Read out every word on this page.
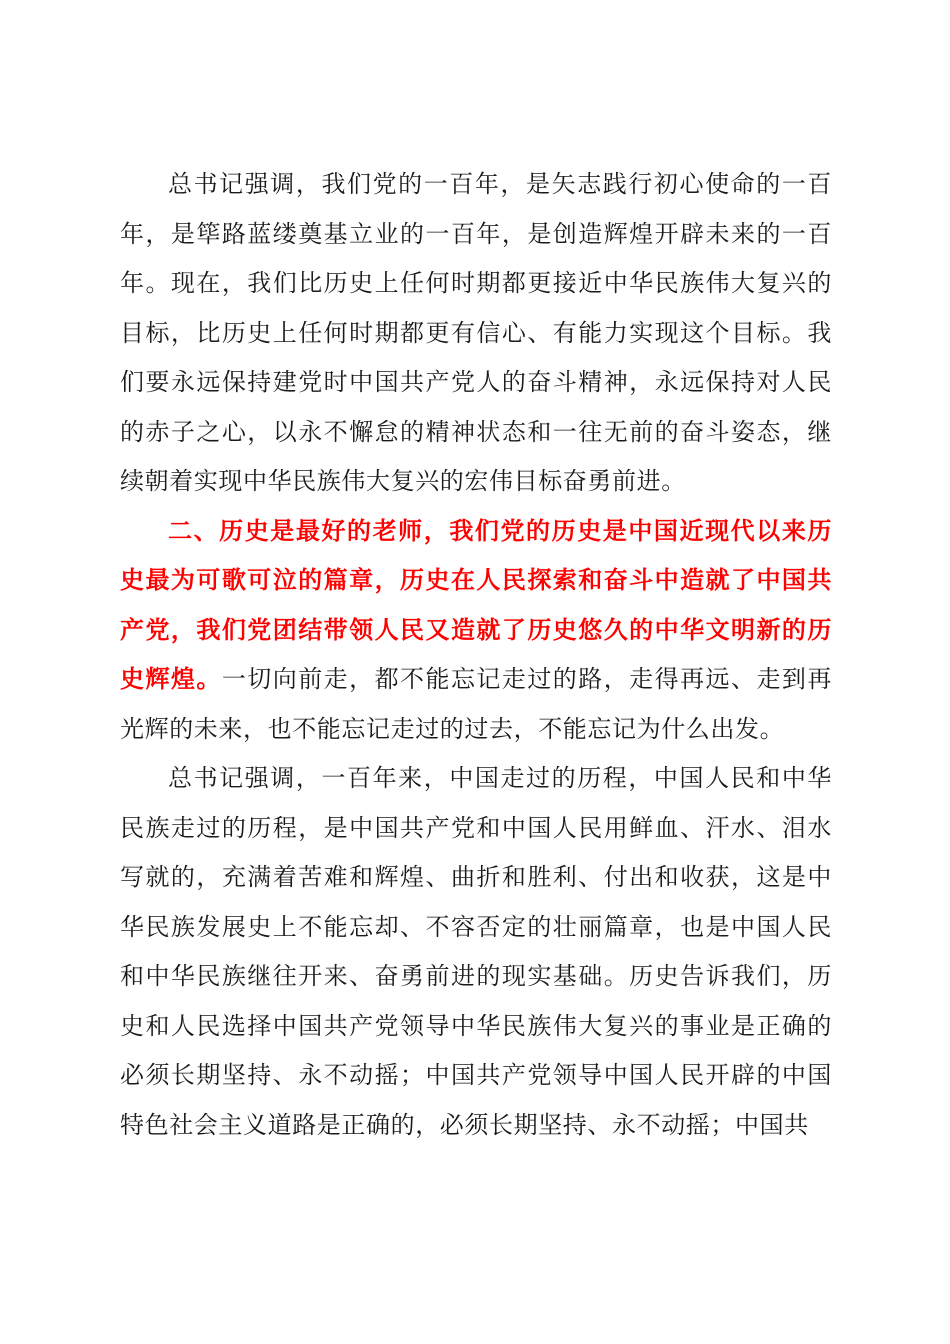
总书记强调，我们党的一百年，是矢志践行初心使命的一百年，是筚路蓝缕奠基立业的一百年，是创造辉煌开辟未来的一百年。现在，我们比历史上任何时期都更接近中华民族伟大复兴的目标，比历史上任何时期都更有信心、有能力实现这个目标。我们要永远保持建党时中国共产党人的奋斗精神，永远保持对人民的赤子之心，以永不懈怠的精神状态和一往无前的奋斗姿态，继续朝着实现中华民族伟大复兴的宏伟目标奋勇前进。

二、历史是最好的老师，我们党的历史是中国近现代以来历史最为可歌可泣的篇章，历史在人民探索和奋斗中造就了中国共产党，我们党团结带领人民又造就了历史悠久的中华文明新的历史辉煌。一切向前走，都不能忘记走过的路，走得再远、走到再光辉的未来，也不能忘记走过的过去，不能忘记为什么出发。

总书记强调，一百年来，中国走过的历程，中国人民和中华民族走过的历程，是中国共产党和中国人民用鲜血、汗水、泪水写就的，充满着苦难和辉煌、曲折和胜利、付出和收获，这是中华民族发展史上不能忘却、不容否定的壮丽篇章，也是中国人民和中华民族继往开来、奋勇前进的现实基础。历史告诉我们，历史和人民选择中国共产党领导中华民族伟大复兴的事业是正确的必须长期坚持、永不动摇；中国共产党领导中国人民开辟的中国特色社会主义道路是正确的，必须长期坚持、永不动摇；中国共
